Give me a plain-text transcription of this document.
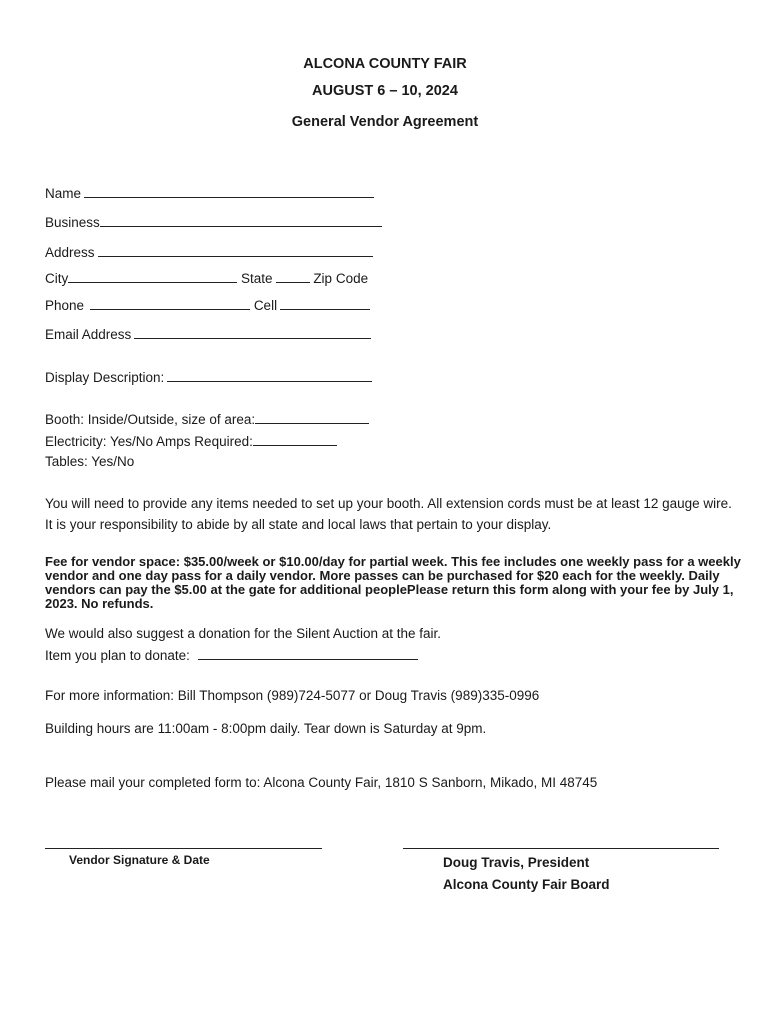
ALCONA COUNTY FAIR
AUGUST 6 – 10, 2024
General Vendor Agreement
Name
Business
Address
City	State	Zip Code
Phone	Cell
Email Address
Display Description:
Booth: Inside/Outside, size of area:
Electricity: Yes/No Amps Required:
Tables: Yes/No
You will need to provide any items needed to set up your booth. All extension cords must be at least 12 gauge wire. It is your responsibility to abide by all state and local laws that pertain to your display.
Fee for vendor space: $35.00/week or $10.00/day for partial week. This fee includes one weekly pass for a weekly vendor and one day pass for a daily vendor. More passes can be purchased for $20 each for the weekly. Daily vendors can pay the $5.00 at the gate for additional peoplePlease return this form along with your fee by July 1, 2023. No refunds.
We would also suggest a donation for the Silent Auction at the fair.
Item you plan to donate:
For more information: Bill Thompson (989)724-5077 or Doug Travis (989)335-0996
Building hours are 11:00am - 8:00pm daily. Tear down is Saturday at 9pm.
Please mail your completed form to: Alcona County Fair, 1810 S Sanborn, Mikado, MI 48745
Vendor Signature & Date	Doug Travis, President
Alcona County Fair Board
